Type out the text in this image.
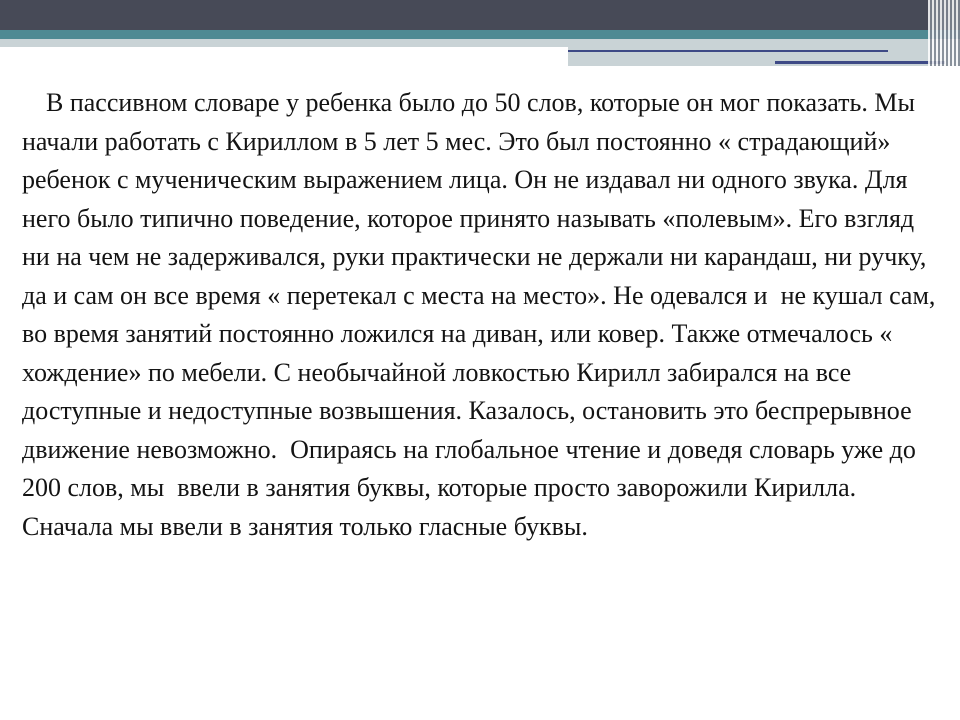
В пассивном словаре у ребенка было до 50 слов, которые он мог показать. Мы начали работать с Кириллом в 5 лет 5 мес. Это был постоянно « страдающий» ребенок с мученическим выражением лица. Он не издавал ни одного звука. Для него было типично поведение, которое принято называть «полевым». Его взгляд ни на чем не задерживался, руки практически не держали ни карандаш, ни ручку, да и сам он все время « перетекал с места на место». Не одевался и  не кушал сам,  во время занятий постоянно ложился на диван, или ковер. Также отмечалось « хождение» по мебели. С необычайной ловкостью Кирилл забирался на все доступные и недоступные возвышения. Казалось, остановить это беспрерывное движение невозможно.  Опираясь на глобальное чтение и доведя словарь уже до 200 слов, мы  ввели в занятия буквы, которые просто заворожили Кирилла. Сначала мы ввели в занятия только гласные буквы.
